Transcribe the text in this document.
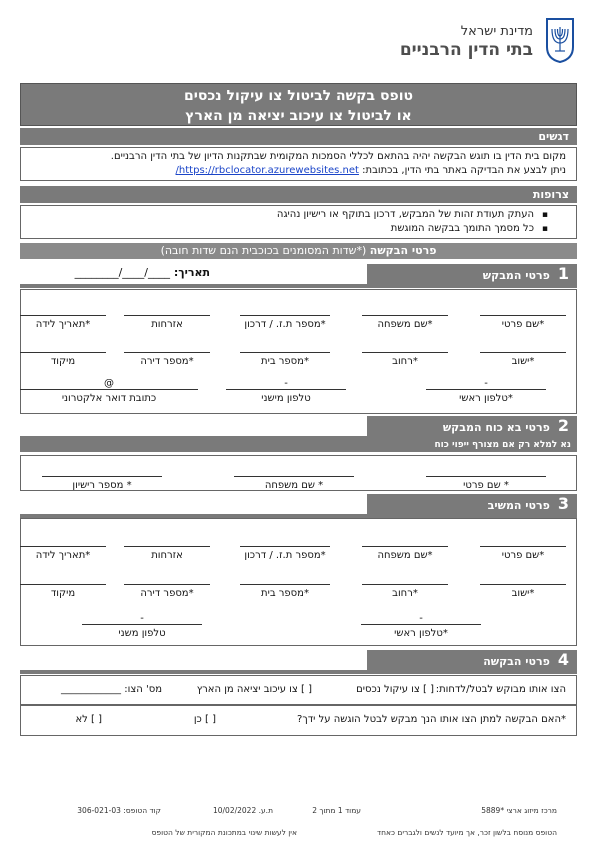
מדינת ישראל
בתי הדין הרבניים
טופס בקשה לביטול צו עיקול נכסים
או לביטול צו עיכוב יציאה מן הארץ
דגשים
מקום בית הדין בו תוגש הבקשה יהיה בהתאם לכללי הסמכות המקומית שבתקנות הדיון של בתי הדין הרבניים.
ניתן לבצע את הבדיקה באתר בתי הדין, בכתובת: https://rbclocator.azurewebsites.net/
צרופות
▪ העתק תעודת זהות של המבקש, דרכון בתוקף או רישיון נהיגה
▪ כל מסמך התומך בבקשה המוגשת
פרטי הבקשה (*שדות המסומנים בכוכבית הנם שדות חובה)
תאריך: ____/____/________	1פרטי המבקש
*שם פרטי
*שם משפחה
*מספר ת.ז. / דרכון
אזרחות
*תאריך לידה
*ישוב
*רחוב
*מספר בית
*מספר דירה
מיקוד
-
*טלפון ראשי
-
טלפון מישני
@
כתובת דואר אלקטרוני
2פרטי בא כוח המבקש
נא למלא רק אם מצורף ייפוי כוח
* שם פרטי
* שם משפחה
* מספר רישיון
3פרטי המשיב
*שם פרטי
*שם משפחה
*מספר ת.ז. / דרכון
אזרחות
*תאריך לידה
*ישוב
*רחוב
*מספר בית
*מספר דירה
מיקוד
-
*טלפון ראשי
-
טלפון משני
4פרטי הבקשה
הצו אותו מבוקש לבטל/לדחות:
[ ] צו עיקול נכסים
[ ] צו עיכוב יציאה מן הארץ
מס' הצו: ____________
*האם הבקשה למתן הצו אותו הנך מבקש לבטל הוגשה על ידך?
[ ] כן
[ ] לא
מרכז מיזוג ארצי *5889
עמוד 1 מתוך 2
ת.ע. 10/02/2022
קוד הטופס: 306-021-03
הטופס מנוסח בלשון זכר, אך מיועד לנשים ולגברים כאחד
אין לעשות שינוי במתכונת המקורית של הטופס
